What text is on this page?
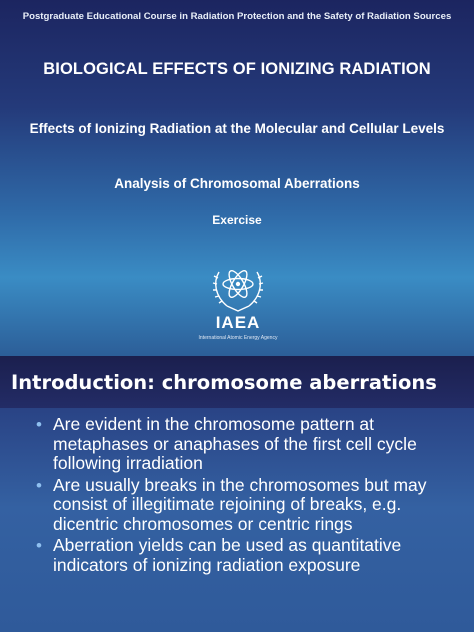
Postgraduate Educational Course in Radiation Protection and the Safety of Radiation Sources
BIOLOGICAL EFFECTS OF IONIZING RADIATION
Effects of Ionizing Radiation at the Molecular and Cellular Levels
Analysis of Chromosomal Aberrations
Exercise
IAEA
International Atomic Energy Agency
Introduction: chromosome aberrations
• Are evident in the chromosome pattern at metaphases or anaphases of the first cell cycle following irradiation
• Are usually breaks in the chromosomes but may consist of illegitimate rejoining of breaks, e.g. dicentric chromosomes or centric rings
• Aberration yields can be used as quantitative indicators of ionizing radiation exposure
